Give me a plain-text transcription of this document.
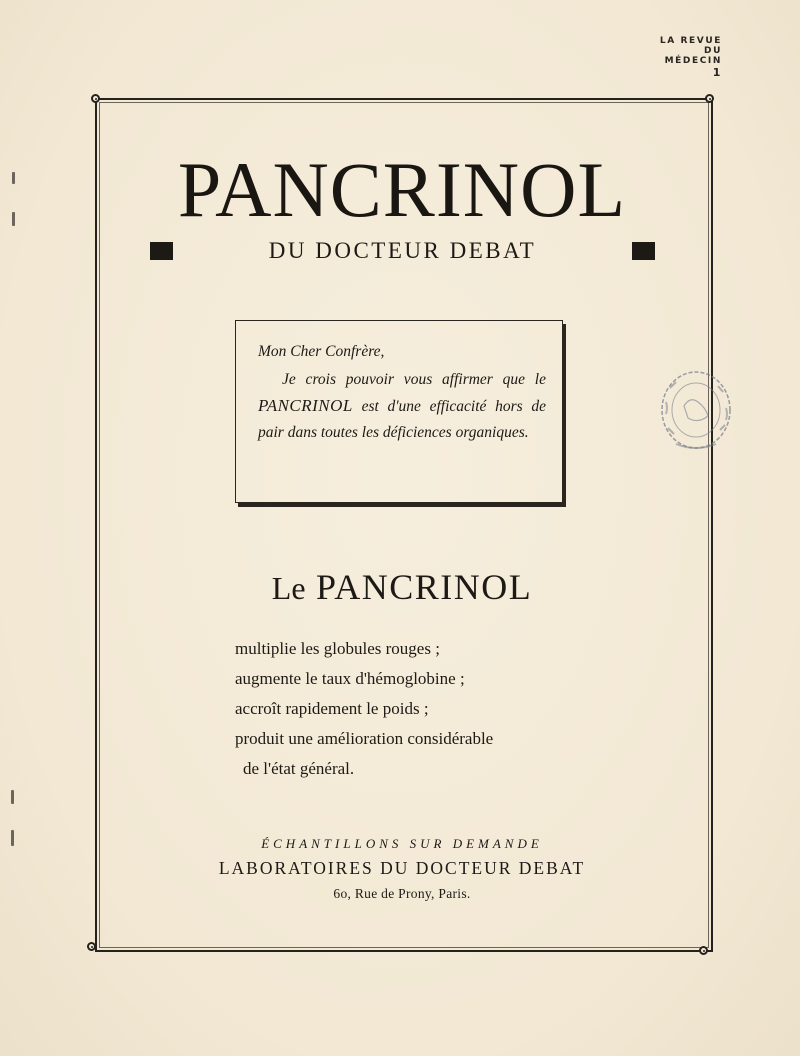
LA REVUE
DU
MÉDECIN
1
PANCRINOL
DU DOCTEUR DEBAT
Mon Cher Confrère,
Je crois pouvoir vous affirmer que le PANCRINOL est d'une efficacité hors de pair dans toutes les déficiences organiques.
Le PANCRINOL
multiplie les globules rouges ;
augmente le taux d'hémoglobine ;
accroît rapidement le poids ;
produit une amélioration considérable
de l'état général.
ÉCHANTILLONS SUR DEMANDE
LABORATOIRES DU DOCTEUR DEBAT
6o, Rue de Prony, Paris.
